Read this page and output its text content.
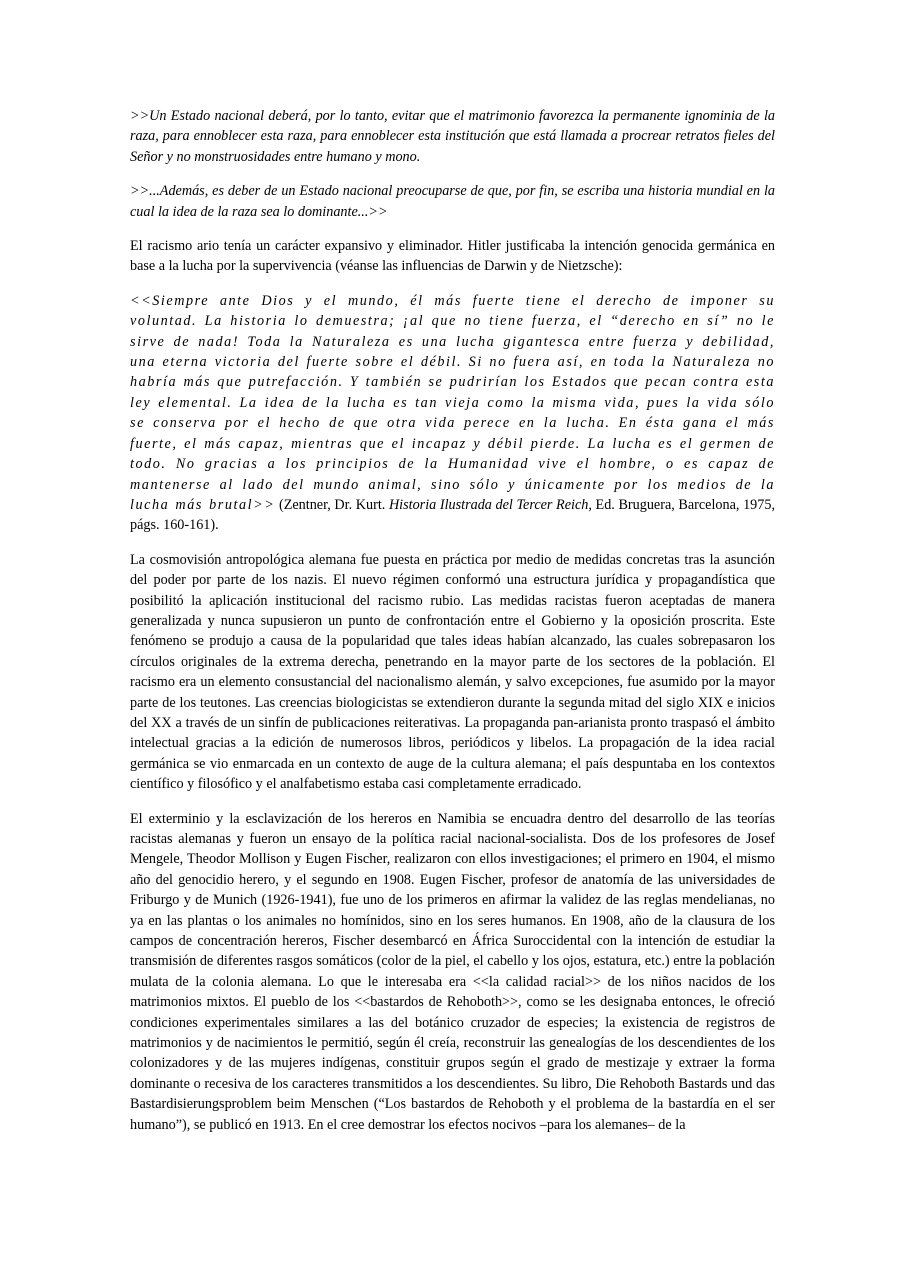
>>Un Estado nacional deberá, por lo tanto, evitar que el matrimonio favorezca la permanente ignominia de la raza, para ennoblecer esta raza, para ennoblecer esta institución que está llamada a procrear retratos fieles del Señor y no monstruosidades entre humano y mono.

>>...Además, es deber de un Estado nacional preocuparse de que, por fin, se escriba una historia mundial en la cual la idea de la raza sea lo dominante...>>

El racismo ario tenía un carácter expansivo y eliminador. Hitler justificaba la intención genocida germánica en base a la lucha por la supervivencia (véanse las influencias de Darwin y de Nietzsche):

<<Siempre ante Dios y el mundo, él más fuerte tiene el derecho de imponer su voluntad. La historia lo demuestra; ¡al que no tiene fuerza, el “derecho en sí” no le sirve de nada! Toda la Naturaleza es una lucha gigantesca entre fuerza y debilidad, una eterna victoria del fuerte sobre el débil. Si no fuera así, en toda la Naturaleza no habría más que putrefacción. Y también se pudrirían los Estados que pecan contra esta ley elemental. La idea de la lucha es tan vieja como la misma vida, pues la vida sólo se conserva por el hecho de que otra vida perece en la lucha. En ésta gana el más fuerte, el más capaz, mientras que el incapaz y débil pierde. La lucha es el germen de todo. No gracias a los principios de la Humanidad vive el hombre, o es capaz de mantenerse al lado del mundo animal, sino sólo y únicamente por los medios de la lucha más brutal>> (Zentner, Dr. Kurt. Historia Ilustrada del Tercer Reich, Ed. Bruguera, Barcelona, 1975, págs. 160-161).

La cosmovisión antropológica alemana fue puesta en práctica por medio de medidas concretas tras la asunción del poder por parte de los nazis. El nuevo régimen conformó una estructura jurídica y propagandística que posibilitó la aplicación institucional del racismo rubio. Las medidas racistas fueron aceptadas de manera generalizada y nunca supusieron un punto de confrontación entre el Gobierno y la oposición proscrita. Este fenómeno se produjo a causa de la popularidad que tales ideas habían alcanzado, las cuales sobrepasaron los círculos originales de la extrema derecha, penetrando en la mayor parte de los sectores de la población. El racismo era un elemento consustancial del nacionalismo alemán, y salvo excepciones, fue asumido por la mayor parte de los teutones. Las creencias biologicistas se extendieron durante la segunda mitad del siglo XIX e inicios del XX a través de un sinfín de publicaciones reiterativas. La propaganda pan-arianista pronto traspasó el ámbito intelectual gracias a la edición de numerosos libros, periódicos y libelos. La propagación de la idea racial germánica se vio enmarcada en un contexto de auge de la cultura alemana; el país despuntaba en los contextos científico y filosófico y el analfabetismo estaba casi completamente erradicado.

El exterminio y la esclavización de los hereros en Namibia se encuadra dentro del desarrollo de las teorías racistas alemanas y fueron un ensayo de la política racial nacional-socialista. Dos de los profesores de Josef Mengele, Theodor Mollison y Eugen Fischer, realizaron con ellos investigaciones; el primero en 1904, el mismo año del genocidio herero, y el segundo en 1908. Eugen Fischer, profesor de anatomía de las universidades de Friburgo y de Munich (1926-1941), fue uno de los primeros en afirmar la validez de las reglas mendelianas, no ya en las plantas o los animales no homínidos, sino en los seres humanos. En 1908, año de la clausura de los campos de concentración hereros, Fischer desembarcó en África Suroccidental con la intención de estudiar la transmisión de diferentes rasgos somáticos (color de la piel, el cabello y los ojos, estatura, etc.) entre la población mulata de la colonia alemana. Lo que le interesaba era <<la calidad racial>> de los niños nacidos de los matrimonios mixtos. El pueblo de los <<bastardos de Rehoboth>>, como se les designaba entonces, le ofreció condiciones experimentales similares a las del botánico cruzador de especies; la existencia de registros de matrimonios y de nacimientos le permitió, según él creía, reconstruir las genealogías de los descendientes de los colonizadores y de las mujeres indígenas, constituir grupos según el grado de mestizaje y extraer la forma dominante o recesiva de los caracteres transmitidos a los descendientes. Su libro, Die Rehoboth Bastards und das Bastardisierungsproblem beim Menschen (“Los bastardos de Rehoboth y el problema de la bastardía en el ser humano”), se publicó en 1913. En el cree demostrar los efectos nocivos –para los alemanes– de la
